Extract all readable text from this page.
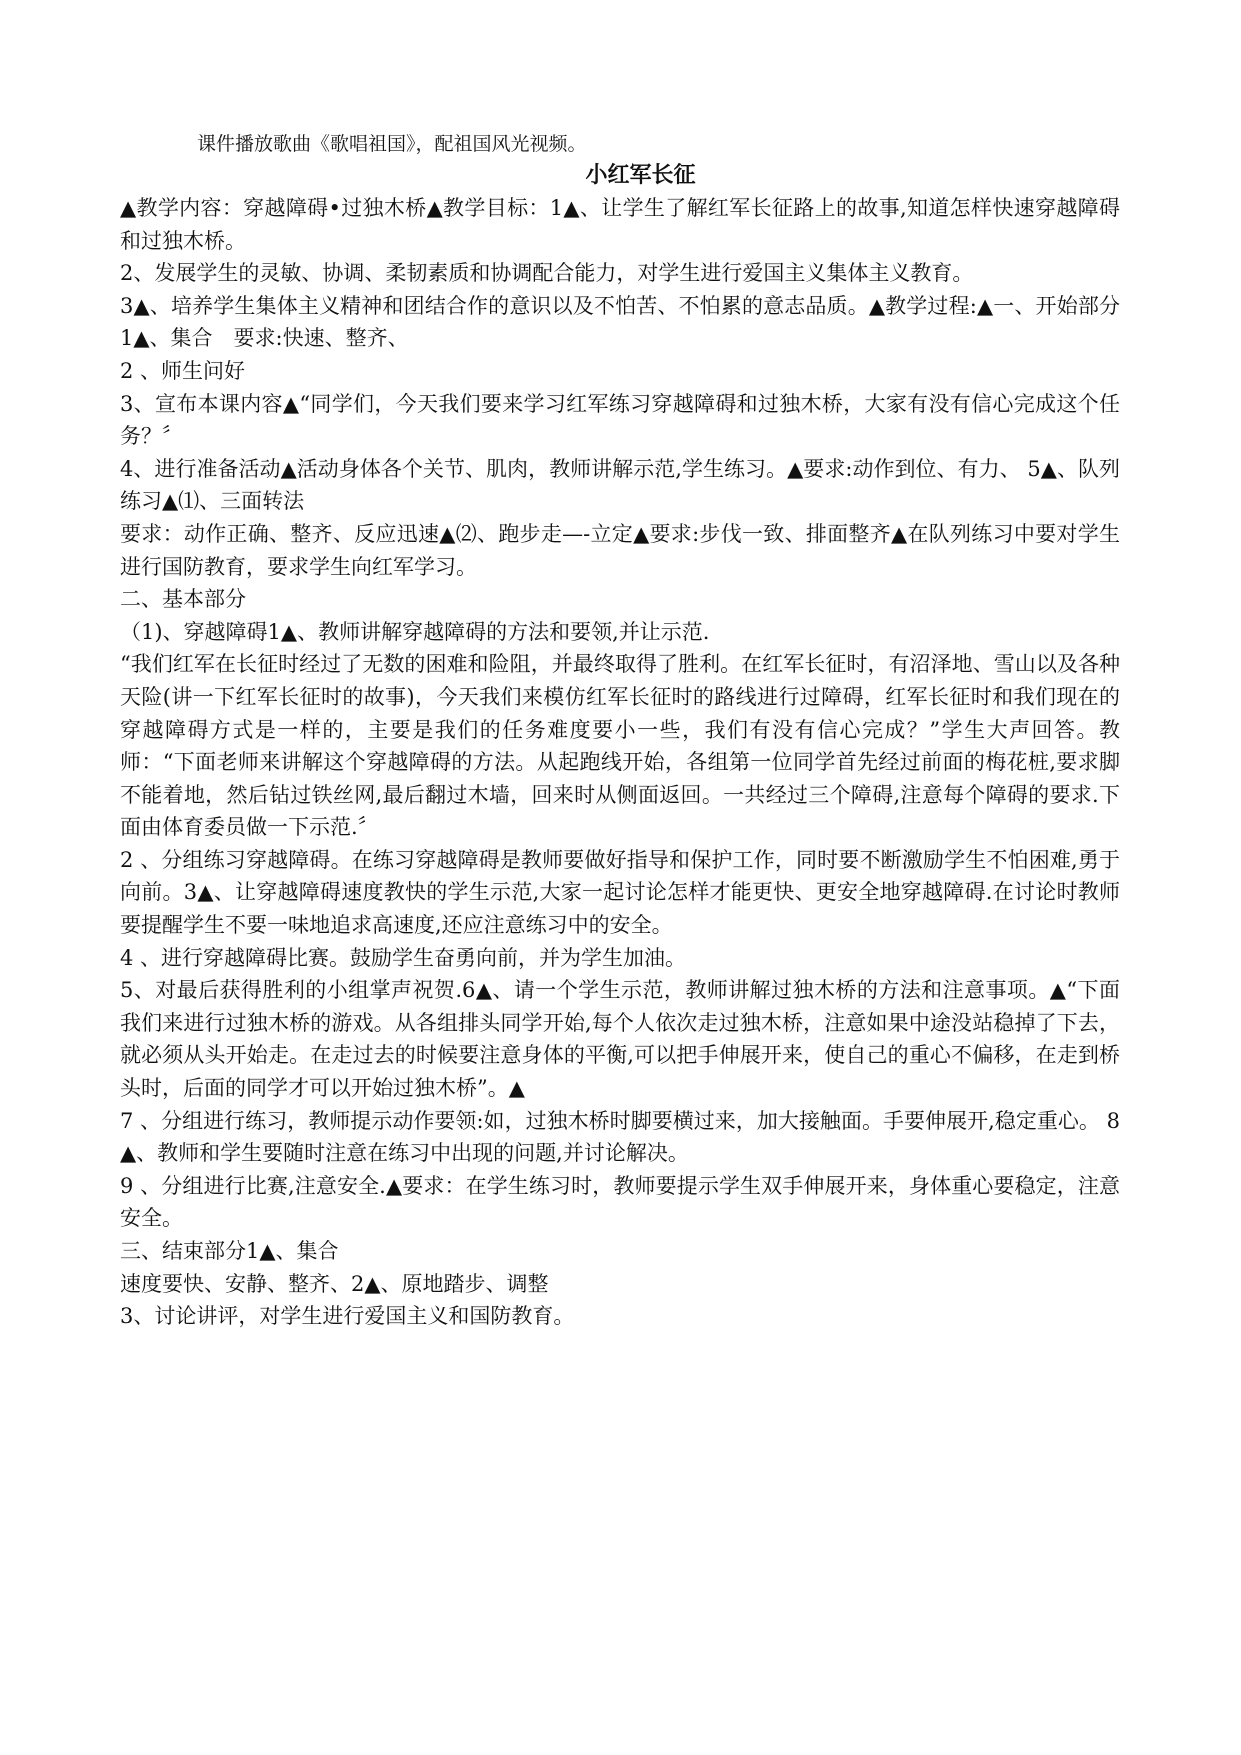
课件播放歌曲《歌唱祖国》，配祖国风光视频。
小红军长征

▲教学内容：穿越障碍•过独木桥▲教学目标：1▲、让学生了解红军长征路上的故事,知道怎样快速穿越障碍和过独木桥。

2、发展学生的灵敏、协调、柔韧素质和协调配合能力，对学生进行爱国主义集体主义教育。

3▲、培养学生集体主义精神和团结合作的意识以及不怕苦、不怕累的意志品质。▲教学过程:▲一、开始部分1▲、集合　要求:快速、整齐、

2 、师生问好

3、宣布本课内容▲“同学们，今天我们要来学习红军练习穿越障碍和过独木桥，大家有没有信心完成这个任务？〞

4、进行准备活动▲活动身体各个关节、肌肉，教师讲解示范,学生练习。▲要求:动作到位、有力、 5▲、队列练习▲⑴、三面转法

要求：动作正确、整齐、反应迅速▲⑵、跑步走—-立定▲要求:步伐一致、排面整齐▲在队列练习中要对学生进行国防教育，要求学生向红军学习。

二、基本部分

（1)、穿越障碍1▲、教师讲解穿越障碍的方法和要领,并让示范.

“我们红军在长征时经过了无数的困难和险阻，并最终取得了胜利。在红军长征时，有沼泽地、雪山以及各种天险(讲一下红军长征时的故事)，今天我们来模仿红军长征时的路线进行过障碍，红军长征时和我们现在的穿越障碍方式是一样的，主要是我们的任务难度要小一些，我们有没有信心完成？”学生大声回答。教师：“下面老师来讲解这个穿越障碍的方法。从起跑线开始，各组第一位同学首先经过前面的梅花桩,要求脚不能着地，然后钻过铁丝网,最后翻过木墙，回来时从侧面返回。一共经过三个障碍,注意每个障碍的要求.下面由体育委员做一下示范.〞

2 、分组练习穿越障碍。在练习穿越障碍是教师要做好指导和保护工作，同时要不断激励学生不怕困难,勇于向前。3▲、让穿越障碍速度教快的学生示范,大家一起讨论怎样才能更快、更安全地穿越障碍.在讨论时教师要提醒学生不要一味地追求高速度,还应注意练习中的安全。

4 、进行穿越障碍比赛。鼓励学生奋勇向前，并为学生加油。

5、对最后获得胜利的小组掌声祝贺.6▲、请一个学生示范，教师讲解过独木桥的方法和注意事项。▲“下面我们来进行过独木桥的游戏。从各组排头同学开始,每个人依次走过独木桥，注意如果中途没站稳掉了下去，就必须从头开始走。在走过去的时候要注意身体的平衡,可以把手伸展开来，使自己的重心不偏移，在走到桥头时，后面的同学才可以开始过独木桥”。▲

7 、分组进行练习，教师提示动作要领:如，过独木桥时脚要横过来，加大接触面。手要伸展开,稳定重心。 8▲、教师和学生要随时注意在练习中出现的问题,并讨论解决。

9 、分组进行比赛,注意安全.▲要求：在学生练习时，教师要提示学生双手伸展开来，身体重心要稳定，注意安全。

三、结束部分1▲、集合

速度要快、安静、整齐、2▲、原地踏步、调整

3、讨论讲评，对学生进行爱国主义和国防教育。
